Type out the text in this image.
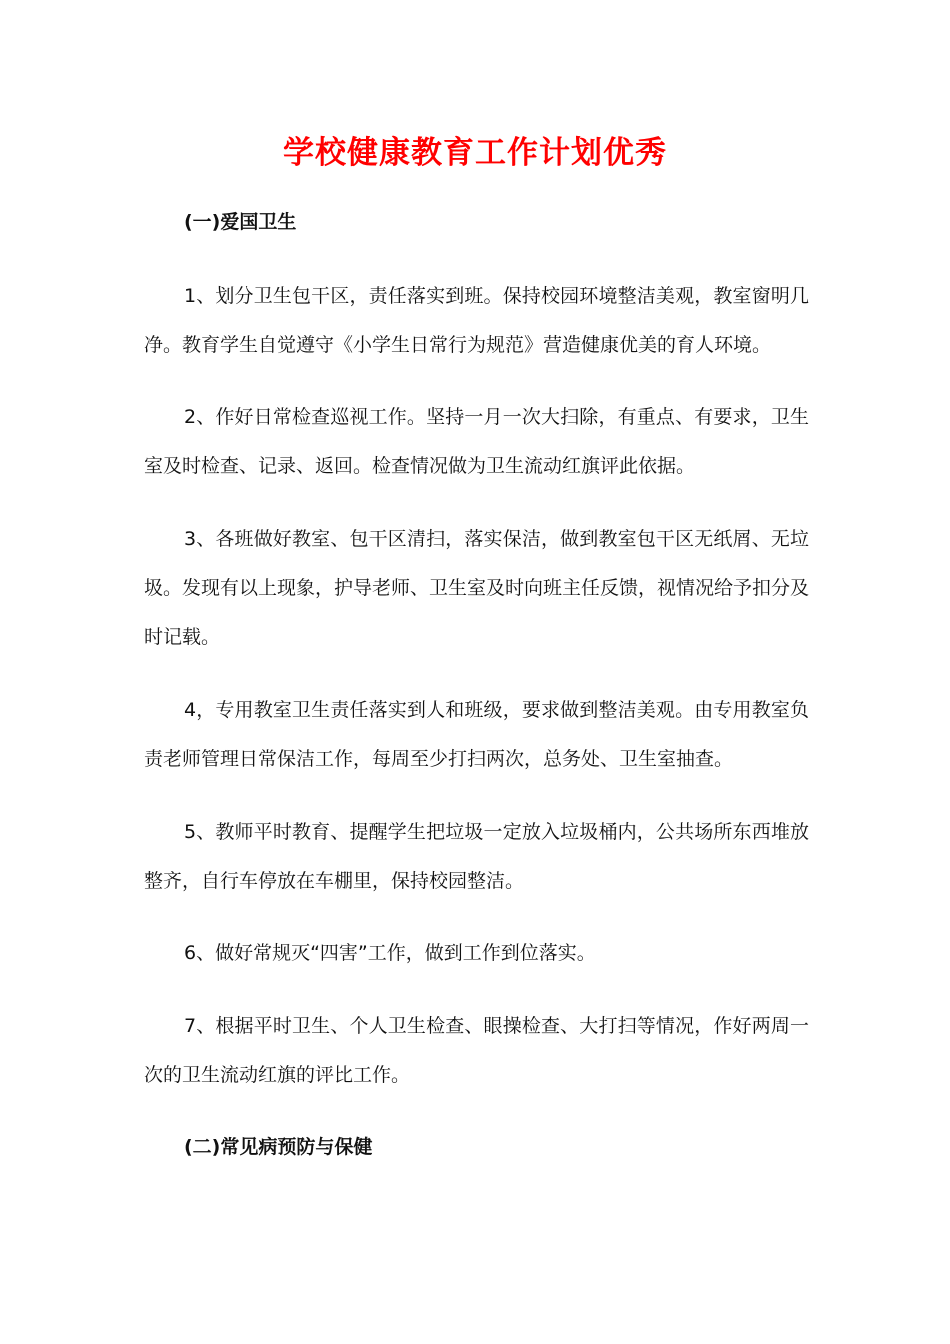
学校健康教育工作计划优秀

(一)爱国卫生

1、划分卫生包干区，责任落实到班。保持校园环境整洁美观，教室窗明几净。教育学生自觉遵守《小学生日常行为规范》营造健康优美的育人环境。

2、作好日常检查巡视工作。坚持一月一次大扫除，有重点、有要求，卫生室及时检查、记录、返回。检查情况做为卫生流动红旗评此依据。

3、各班做好教室、包干区清扫，落实保洁，做到教室包干区无纸屑、无垃圾。发现有以上现象，护导老师、卫生室及时向班主任反馈，视情况给予扣分及时记载。

4，专用教室卫生责任落实到人和班级，要求做到整洁美观。由专用教室负责老师管理日常保洁工作，每周至少打扫两次，总务处、卫生室抽查。

5、教师平时教育、提醒学生把垃圾一定放入垃圾桶内，公共场所东西堆放整齐，自行车停放在车棚里，保持校园整洁。

6、做好常规灭“四害”工作，做到工作到位落实。

7、根据平时卫生、个人卫生检查、眼操检查、大打扫等情况，作好两周一次的卫生流动红旗的评比工作。

(二)常见病预防与保健
